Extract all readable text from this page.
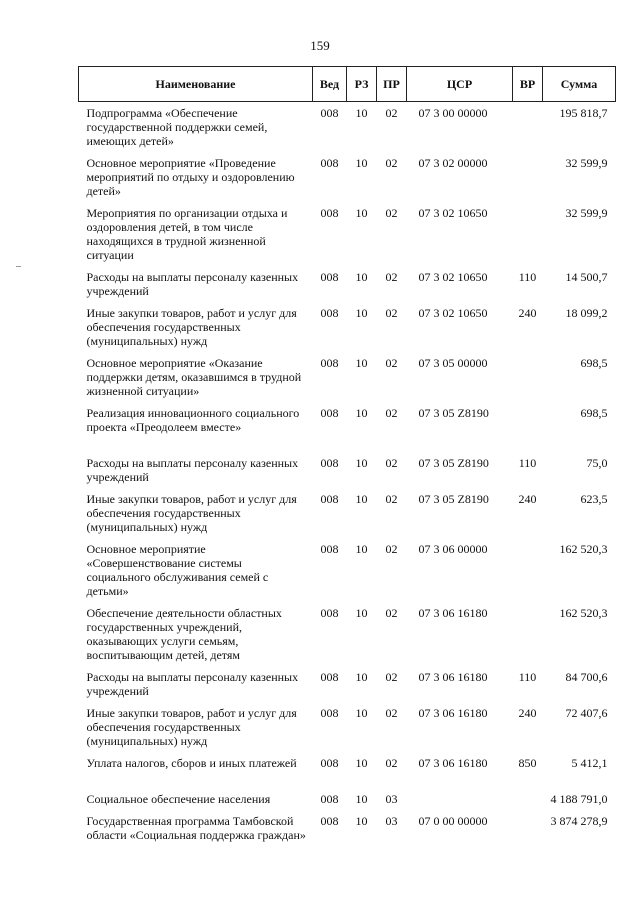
159
Наименование	Вед	РЗ	ПР	ЦСР	ВР	Сумма
Подпрограмма «Обеспечение государственной поддержки семей, имеющих детей»	008	10	02	07 3 00 00000		195 818,7
Основное мероприятие «Проведение мероприятий по отдыху и оздоровлению детей»	008	10	02	07 3 02 00000		32 599,9
Мероприятия по организации отдыха и оздоровления детей, в том числе находящихся в трудной жизненной ситуации	008	10	02	07 3 02 10650		32 599,9
Расходы на выплаты персоналу казенных учреждений	008	10	02	07 3 02 10650	110	14 500,7
Иные закупки товаров, работ и услуг для обеспечения государственных (муниципальных) нужд	008	10	02	07 3 02 10650	240	18 099,2
Основное мероприятие «Оказание поддержки детям, оказавшимся в трудной жизненной ситуации»	008	10	02	07 3 05 00000		698,5
Реализация инновационного социального проекта «Преодолеем вместе»	008	10	02	07 3 05 Z8190		698,5
Расходы на выплаты персоналу казенных учреждений	008	10	02	07 3 05 Z8190	110	75,0
Иные закупки товаров, работ и услуг для обеспечения государственных (муниципальных) нужд	008	10	02	07 3 05 Z8190	240	623,5
Основное мероприятие «Совершенствование системы социального обслуживания семей с детьми»	008	10	02	07 3 06 00000		162 520,3
Обеспечение деятельности областных государственных учреждений, оказывающих услуги семьям, воспитывающим детей, детям	008	10	02	07 3 06 16180		162 520,3
Расходы на выплаты персоналу казенных учреждений	008	10	02	07 3 06 16180	110	84 700,6
Иные закупки товаров, работ и услуг для обеспечения государственных (муниципальных) нужд	008	10	02	07 3 06 16180	240	72 407,6
Уплата налогов, сборов и иных платежей	008	10	02	07 3 06 16180	850	5 412,1
Социальное обеспечение населения	008	10	03			4 188 791,0
Государственная программа Тамбовской области «Социальная поддержка граждан»	008	10	03	07 0 00 00000		3 874 278,9
